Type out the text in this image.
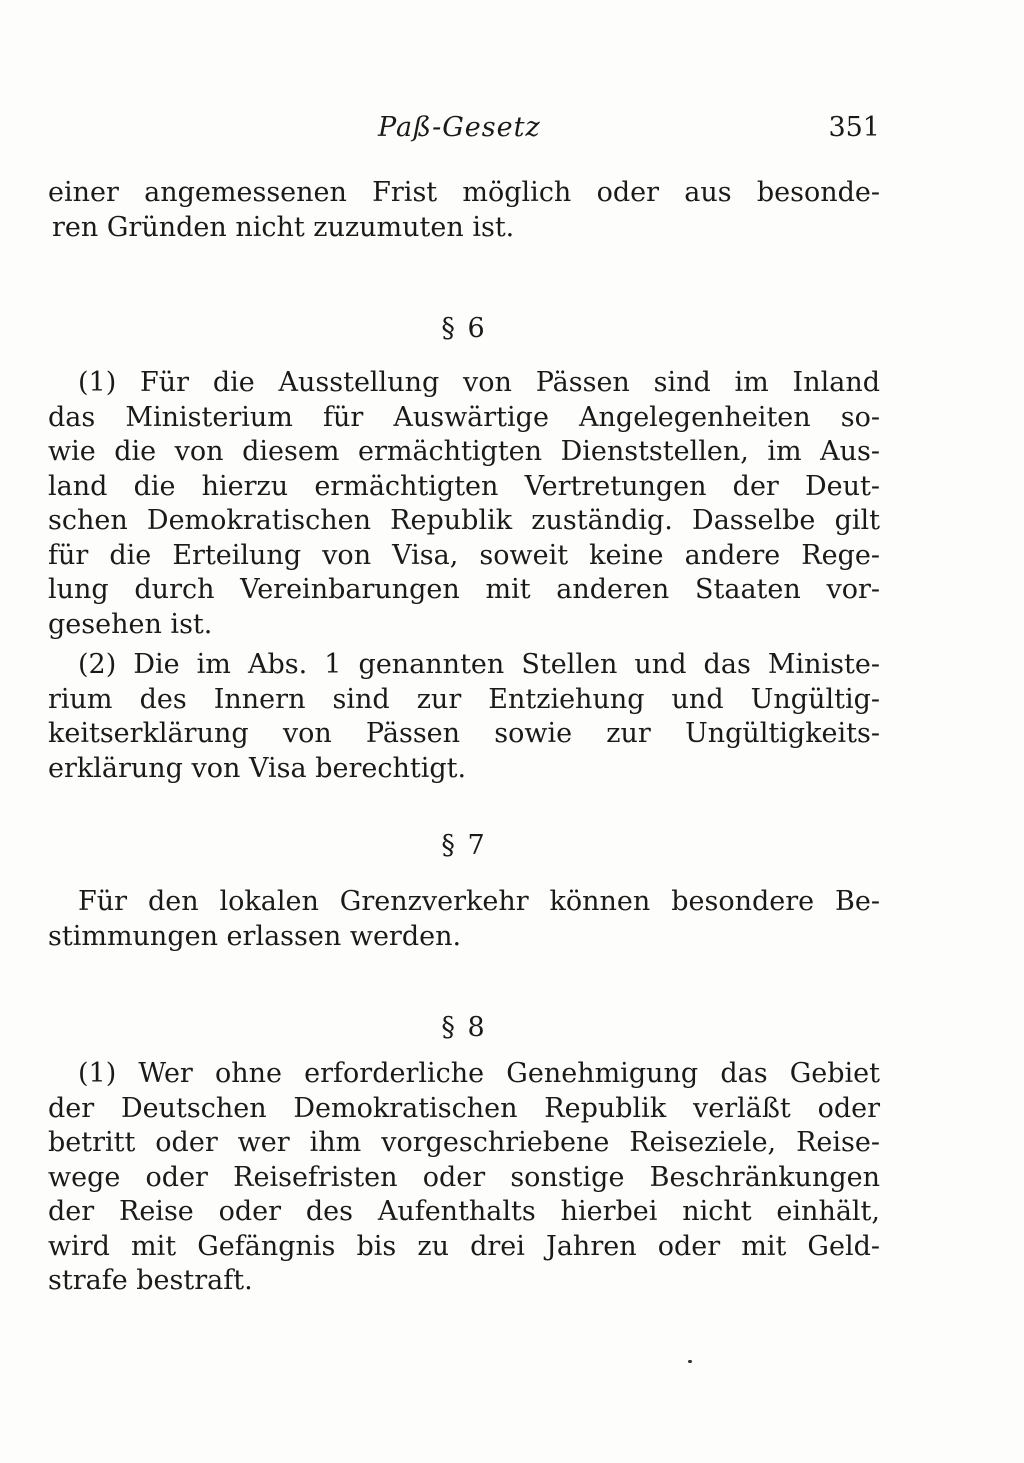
Paß-Gesetz	351

einer angemessenen Frist möglich oder aus besonde-
ren Gründen nicht zuzumuten ist.

§ 6

(1) Für die Ausstellung von Pässen sind im Inland
das Ministerium für Auswärtige Angelegenheiten so-
wie die von diesem ermächtigten Dienststellen, im Aus-
land die hierzu ermächtigten Vertretungen der Deut-
schen Demokratischen Republik zuständig. Dasselbe gilt
für die Erteilung von Visa, soweit keine andere Rege-
lung durch Vereinbarungen mit anderen Staaten vor-
gesehen ist.

(2) Die im Abs. 1 genannten Stellen und das Ministe-
rium des Innern sind zur Entziehung und Ungültig-
keitserklärung von Pässen sowie zur Ungültigkeits-
erklärung von Visa berechtigt.

§ 7

Für den lokalen Grenzverkehr können besondere Be-
stimmungen erlassen werden.

§ 8

(1) Wer ohne erforderliche Genehmigung das Gebiet
der Deutschen Demokratischen Republik verläßt oder
betritt oder wer ihm vorgeschriebene Reiseziele, Reise-
wege oder Reisefristen oder sonstige Beschränkungen
der Reise oder des Aufenthalts hierbei nicht einhält,
wird mit Gefängnis bis zu drei Jahren oder mit Geld-
strafe bestraft.
